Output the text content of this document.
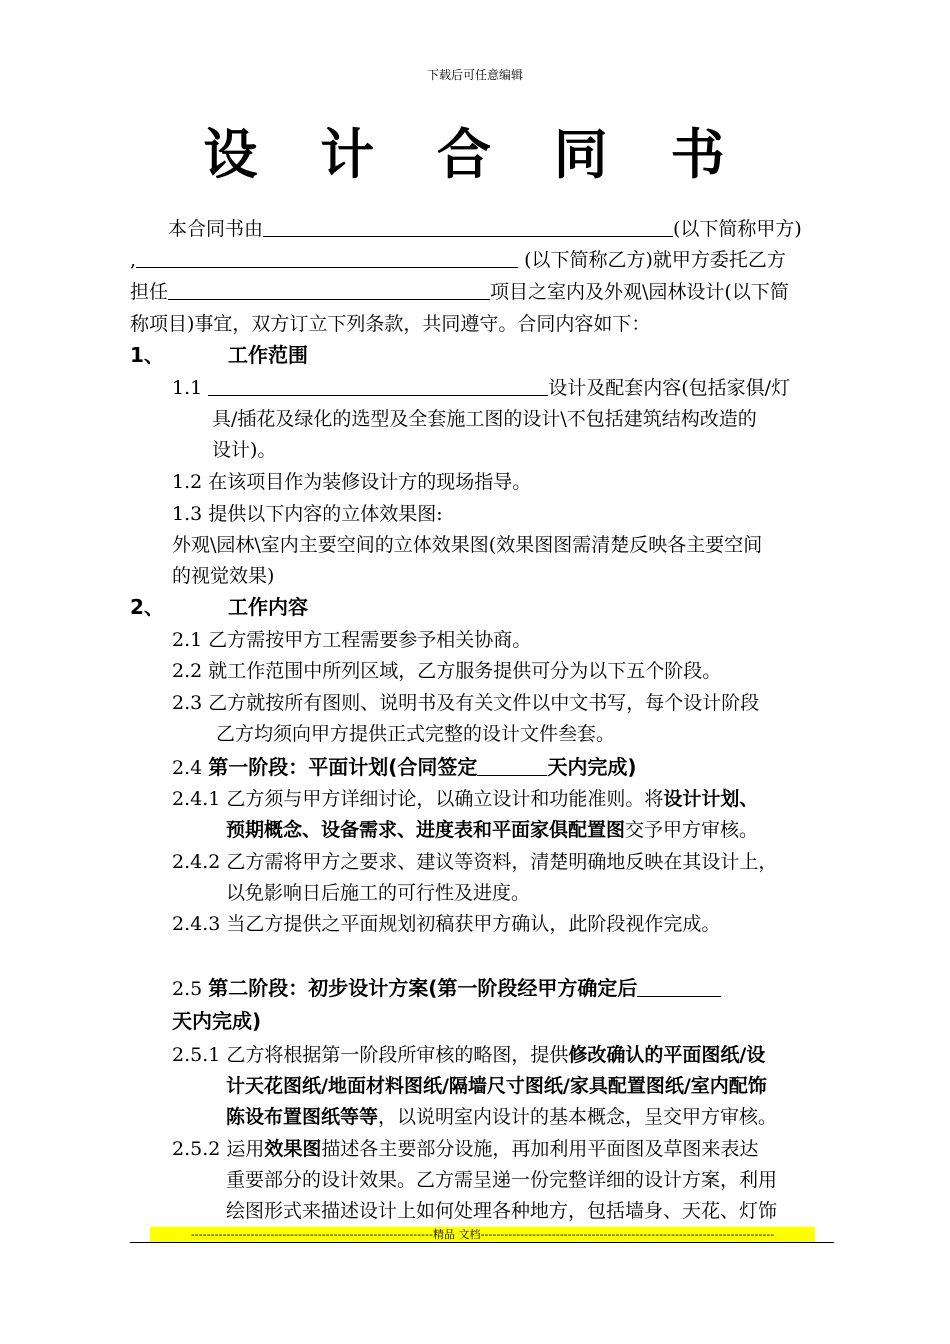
下载后可任意编辑
设 计 合 同 书
本合同书由	(以下简称甲方)
,	(以下简称乙方)就甲方委托乙方
担任	项目之室内及外观\园林设计(以下简
称项目)事宜，双方订立下列条款，共同遵守。合同内容如下：
1、	工作范围
1.1	设计及配套内容(包括家俱/灯
具/插花及绿化的选型及全套施工图的设计\不包括建筑结构改造的
设计)。
1.2 在该项目作为装修设计方的现场指导。
1.3 提供以下内容的立体效果图:
外观\园林\室内主要空间的立体效果图(效果图图需清楚反映各主要空间
的视觉效果)
2、	工作内容
2.1 乙方需按甲方工程需要参予相关协商。
2.2 就工作范围中所列区域，乙方服务提供可分为以下五个阶段。
2.3 乙方就按所有图则、说明书及有关文件以中文书写，每个设计阶段
乙方均须向甲方提供正式完整的设计文件叁套。
2.4 第一阶段：平面计划(合同签定	天内完成)
2.4.1 乙方须与甲方详细讨论，以确立设计和功能准则。将设计计划、
预期概念、设备需求、进度表和平面家俱配置图交予甲方审核。
2.4.2 乙方需将甲方之要求、建议等资料，清楚明确地反映在其设计上，
以免影响日后施工的可行性及进度。
2.4.3 当乙方提供之平面规划初稿获甲方确认，此阶段视作完成。
2.5 第二阶段：初步设计方案(第一阶段经甲方确定后
天内完成)
2.5.1 乙方将根据第一阶段所审核的略图，提供修改确认的平面图纸/设
计天花图纸/地面材料图纸/隔墙尺寸图纸/家具配置图纸/室内配饰
陈设布置图纸等等，以说明室内设计的基本概念，呈交甲方审核。
2.5.2 运用效果图描述各主要部分设施，再加利用平面图及草图来表达
重要部分的设计效果。乙方需呈递一份完整详细的设计方案，利用
绘图形式来描述设计上如何处理各种地方，包括墙身、天花、灯饰
-------------------------------------------------------------精品 文档--------------------------------------------------------------------------
